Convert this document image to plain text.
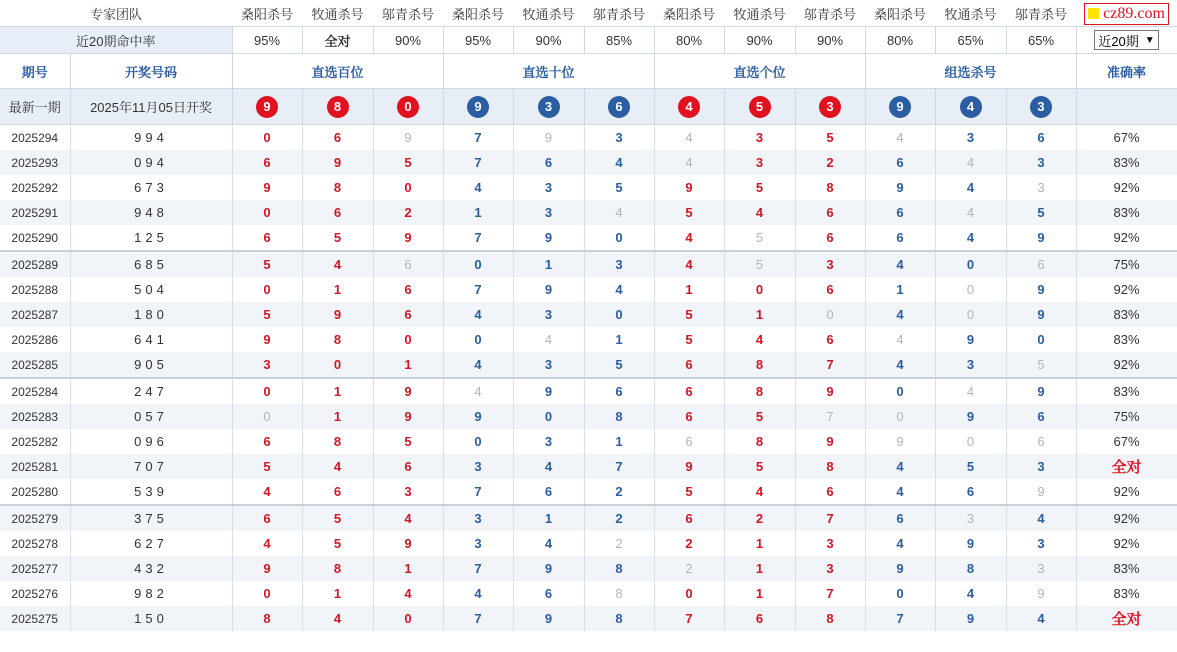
专家团队		桑阳杀号	牧通杀号	邬青杀号	桑阳杀号	牧通杀号	邬青杀号	桑阳杀号	牧通杀号	邬青杀号	桑阳杀号	牧通杀号	邬青杀号	cz89.com

近20期命中率		95%	全对	90%	95%	90%	85%	80%	90%	90%	80%	65%	65%	近20期 ▼

期号	开奖号码	直选百位			直选十位			直选个位			组选杀号			准确率
最新一期	2025年11月05日开奖	9	8	0	9	3	6	4	5	3	9	4	3	
2025294	994	0	6	9	7	9	3	4	3	5	4	3	6	67%
2025293	094	6	9	5	7	6	4	4	3	2	6	4	3	83%
2025292	673	9	8	0	4	3	5	9	5	8	9	4	3	92%
2025291	948	0	6	2	1	3	4	5	4	6	6	4	5	83%
2025290	125	6	5	9	7	9	0	4	5	6	6	4	9	92%
2025289	685	5	4	6	0	1	3	4	5	3	4	0	6	75%
2025288	504	0	1	6	7	9	4	1	0	6	1	0	9	92%
2025287	180	5	9	6	4	3	0	5	1	0	4	0	9	83%
2025286	641	9	8	0	0	4	1	5	4	6	4	9	0	83%
2025285	905	3	0	1	4	3	5	6	8	7	4	3	5	92%
2025284	247	0	1	9	4	9	6	6	8	9	0	4	9	83%
2025283	057	0	1	9	9	0	8	6	5	7	0	9	6	75%
2025282	096	6	8	5	0	3	1	6	8	9	9	0	6	67%
2025281	707	5	4	6	3	4	7	9	5	8	4	5	3	全对
2025280	539	4	6	3	7	6	2	5	4	6	4	6	9	92%
2025279	375	6	5	4	3	1	2	6	2	7	6	3	4	92%
2025278	627	4	5	9	3	4	2	2	1	3	4	9	3	92%
2025277	432	9	8	1	7	9	8	2	1	3	9	8	3	83%
2025276	982	0	1	4	4	6	8	0	1	7	0	4	9	83%
2025275	150	8	4	0	7	9	8	7	6	8	7	9	4	全对
